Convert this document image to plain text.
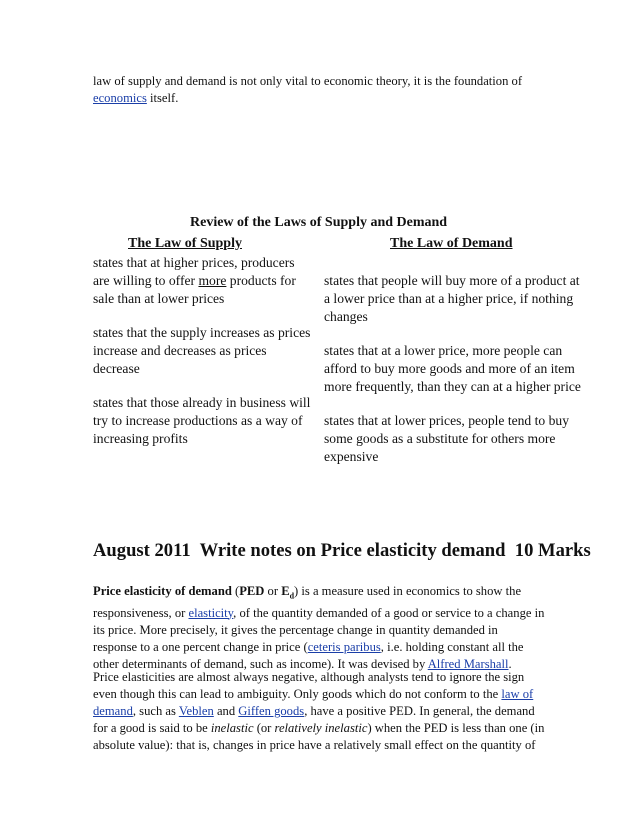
law of supply and demand is not only vital to economic theory, it is the foundation of
economics itself.
Review of the Laws of Supply and Demand
The Law of Supply	The Law of Demand

states that at higher prices, producers are willing to offer more products for sale than at lower prices

states that the supply increases as prices increase and decreases as prices decrease

states that those already in business will try to increase productions as a way of increasing profits

states that people will buy more of a product at a lower price than at a higher price, if nothing changes

states that at a lower price, more people can afford to buy more goods and more of an item more frequently, than they can at a higher price

states that at lower prices, people tend to buy some goods as a substitute for others more expensive

August 2011  Write notes on Price elasticity demand  10 Marks
Price elasticity of demand (PED or $E_d$) is a measure used in economics to show the responsiveness, or elasticity, of the quantity demanded of a good or service to a change in its price. More precisely, it gives the percentage change in quantity demanded in response to a one percent change in price (ceteris paribus, i.e. holding constant all the other determinants of demand, such as income). It was devised by Alfred Marshall.
Price elasticities are almost always negative, although analysts tend to ignore the sign even though this can lead to ambiguity. Only goods which do not conform to the law of demand, such as Veblen and Giffen goods, have a positive PED. In general, the demand for a good is said to be inelastic (or relatively inelastic) when the PED is less than one (in absolute value): that is, changes in price have a relatively small effect on the quantity of
